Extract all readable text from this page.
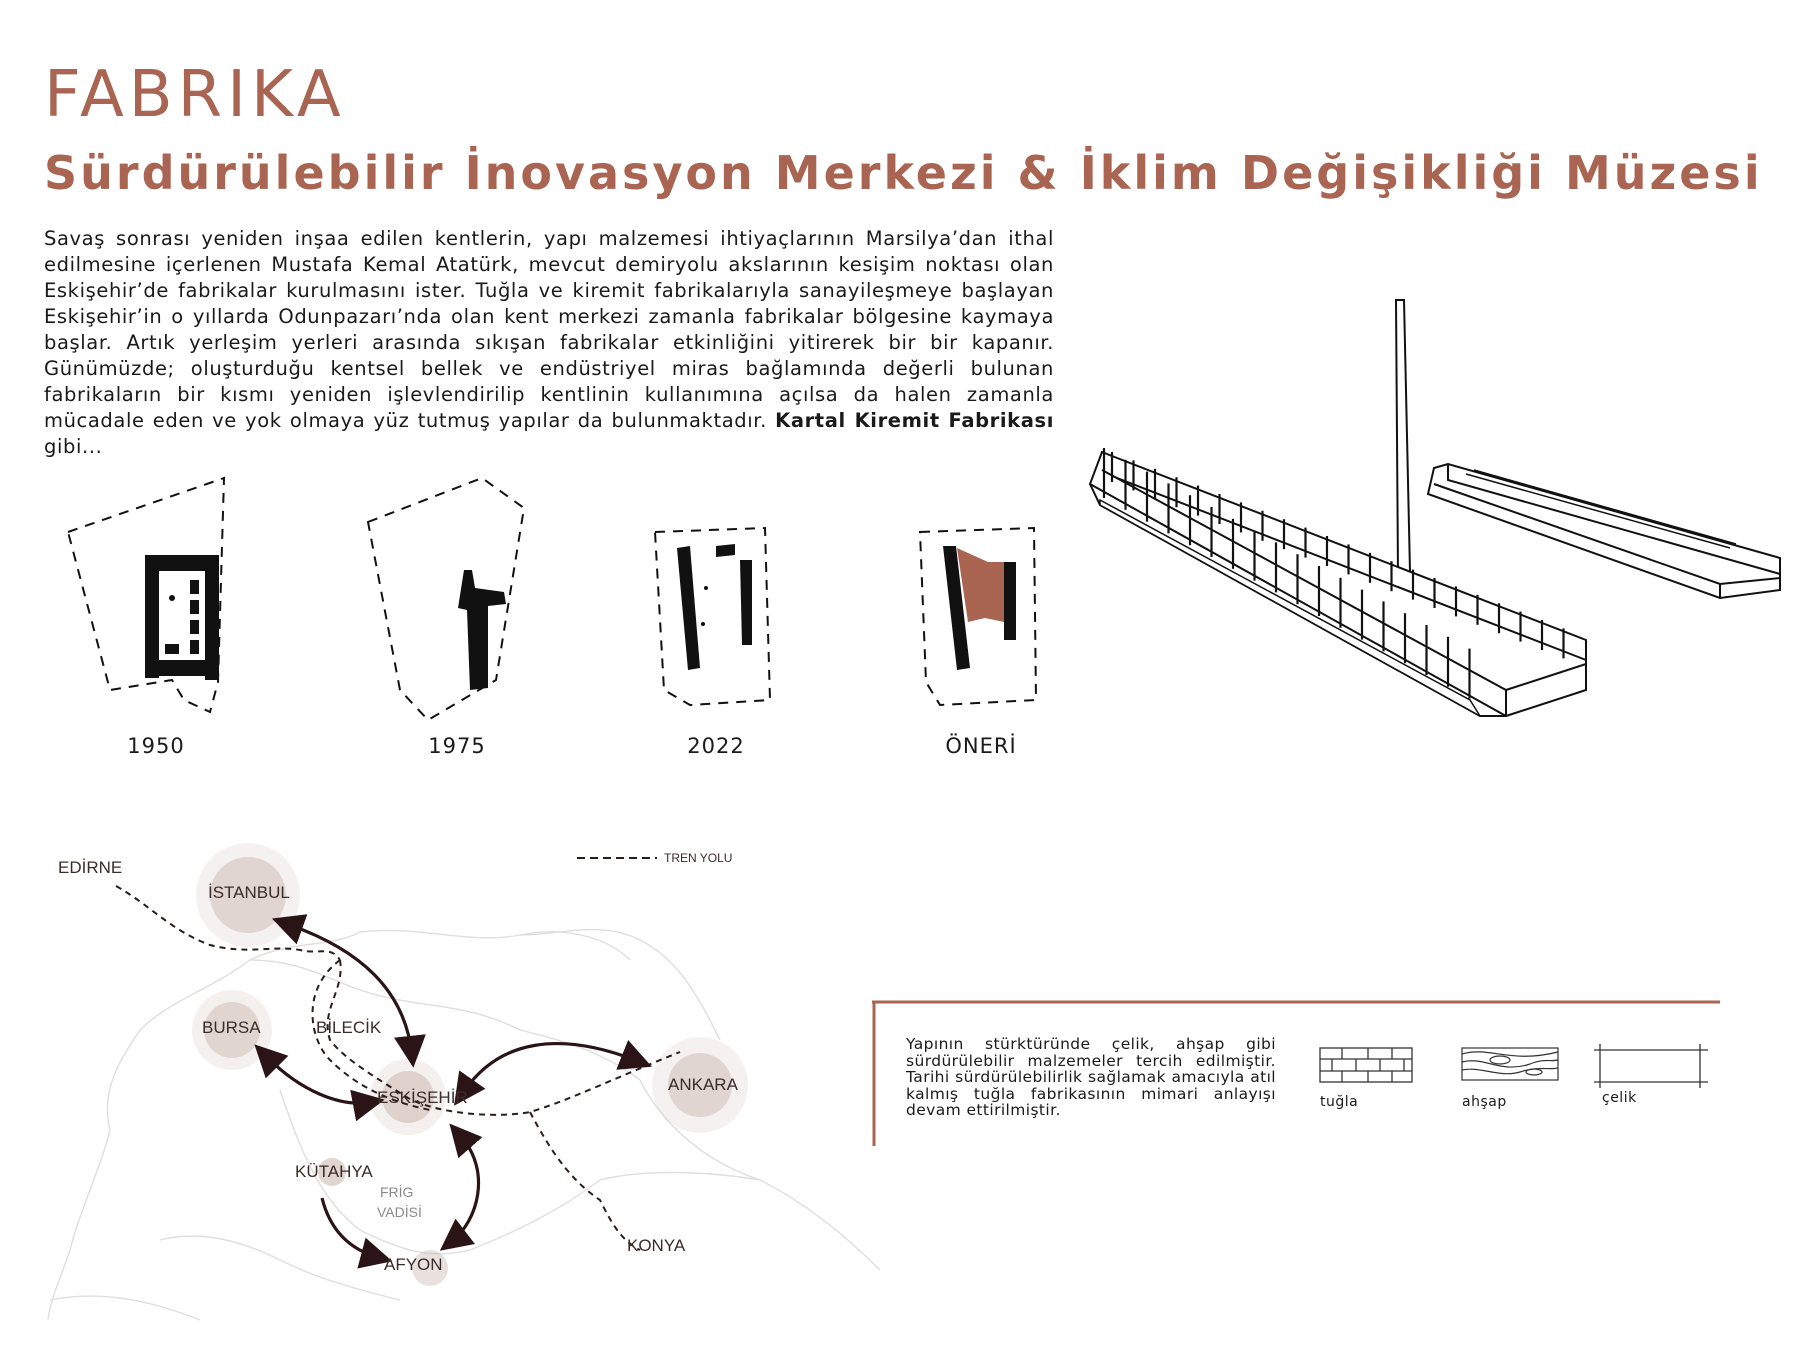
FABRIKA
Sürdürülebilir İnovasyon Merkezi & İklim Değişikliği Müzesi

Savaş sonrası yeniden inşaa edilen kentlerin, yapı malzemesi ihtiyaçlarının Marsilya’dan ithal edilmesine içerlenen Mustafa Kemal Atatürk, mevcut demiryolu akslarının kesişim noktası olan Eskişehir’de fabrikalar kurulmasını ister. Tuğla ve kiremit fabrikalarıyla sanayileşmeye başlayan Eskişehir’in o yıllarda Odunpazarı’nda olan kent merkezi zamanla fabrikalar bölgesine kaymaya başlar. Artık yerleşim yerleri arasında sıkışan fabrikalar etkinliğini yitirerek bir bir kapanır. Günümüzde; oluşturduğu kentsel bellek ve endüstriyel miras bağlamında değerli bulunan fabrikaların bir kısmı yeniden işlevlendirilip kentlinin kullanımına açılsa da halen zamanla mücadale eden ve yok olmaya yüz tutmuş yapılar da bulunmaktadır. Kartal Kiremit Fabrikası gibi...

1950	1975	2022	ÖNERİ
TREN YOLU
EDİRNE
İSTANBUL
BURSA	BİLECİK
ESKİŞEHİR
ANKARA
KÜTAHYA
FRİG
VADİSİ
AFYON
KONYA

Yapının stürktüründe çelik, ahşap gibi sürdürülebilir malzemeler tercih edilmiştir. Tarihi sürdürülebilirlik sağlamak amacıyla atıl kalmış tuğla fabrikasının mimari anlayışı devam ettirilmiştir.	tuğla	ahşap	çelik
